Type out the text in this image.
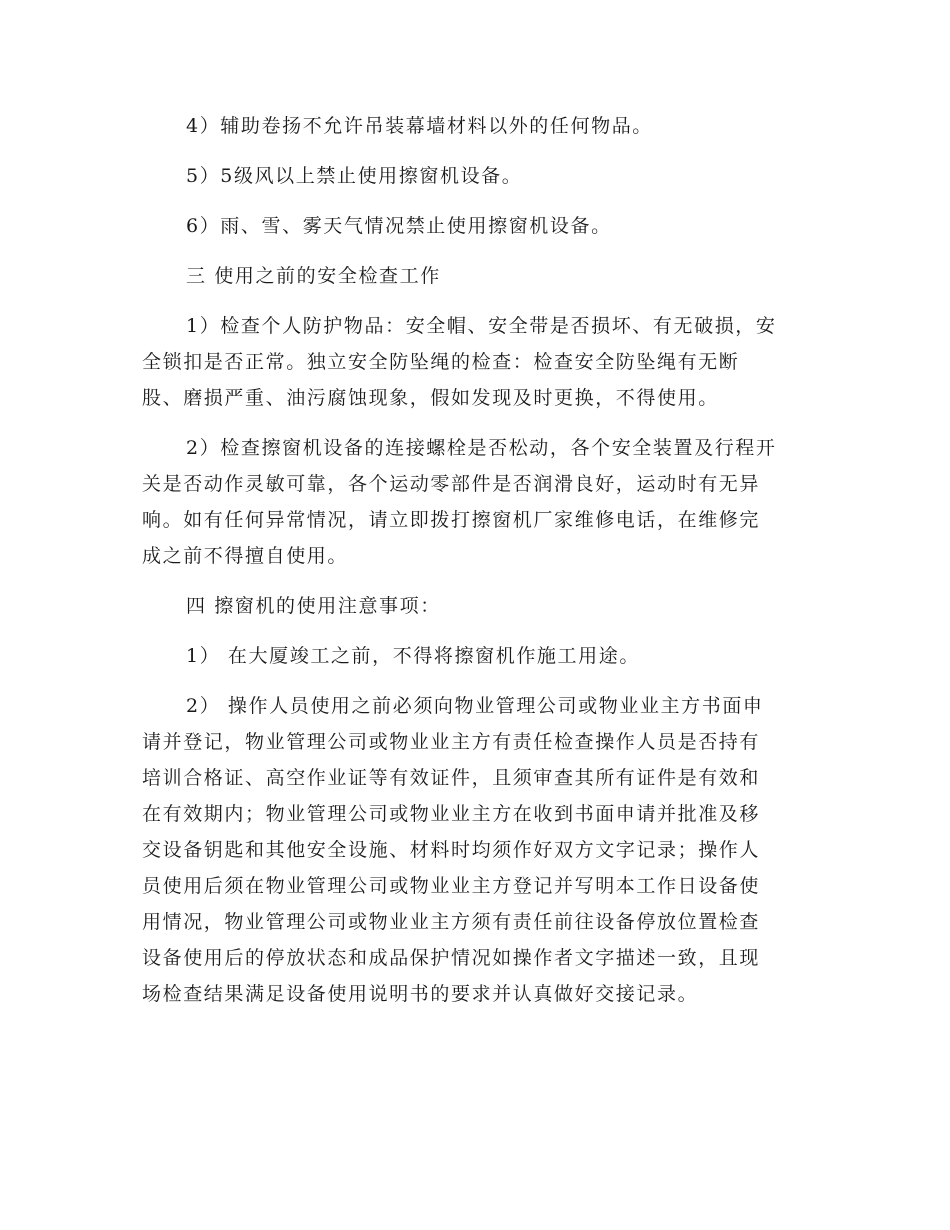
4）辅助卷扬不允许吊装幕墙材料以外的任何物品。
5）5级风以上禁止使用擦窗机设备。
6）雨、雪、雾天气情况禁止使用擦窗机设备。
三 使用之前的安全检查工作
1）检查个人防护物品：安全帽、安全带是否损坏、有无破损，安
全锁扣是否正常。独立安全防坠绳的检查：检查安全防坠绳有无断
股、磨损严重、油污腐蚀现象，假如发现及时更换，不得使用。
2）检查擦窗机设备的连接螺栓是否松动，各个安全装置及行程开
关是否动作灵敏可靠，各个运动零部件是否润滑良好，运动时有无异
响。如有任何异常情况，请立即拨打擦窗机厂家维修电话，在维修完
成之前不得擅自使用。
四 擦窗机的使用注意事项：
1） 在大厦竣工之前，不得将擦窗机作施工用途。
2） 操作人员使用之前必须向物业管理公司或物业业主方书面申
请并登记，物业管理公司或物业业主方有责任检查操作人员是否持有
培训合格证、高空作业证等有效证件，且须审查其所有证件是有效和
在有效期内；物业管理公司或物业业主方在收到书面申请并批准及移
交设备钥匙和其他安全设施、材料时均须作好双方文字记录；操作人
员使用后须在物业管理公司或物业业主方登记并写明本工作日设备使
用情况，物业管理公司或物业业主方须有责任前往设备停放位置检查
设备使用后的停放状态和成品保护情况如操作者文字描述一致，且现
场检查结果满足设备使用说明书的要求并认真做好交接记录。
